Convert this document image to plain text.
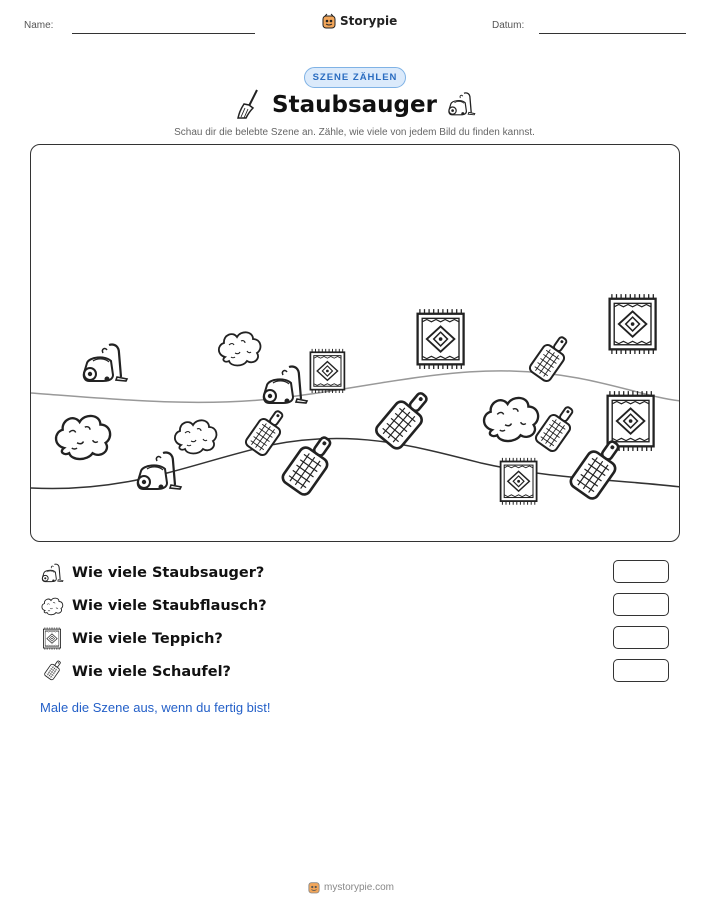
Name:	Storypie	Datum:
SZENE ZÄHLEN
Staubsauger
Schau dir die belebte Szene an. Zähle, wie viele von jedem Bild du finden kannst.
Wie viele Staubsauger?
Wie viele Staubflausch?
Wie viele Teppich?
Wie viele Schaufel?
Male die Szene aus, wenn du fertig bist!
mystorypie.com
